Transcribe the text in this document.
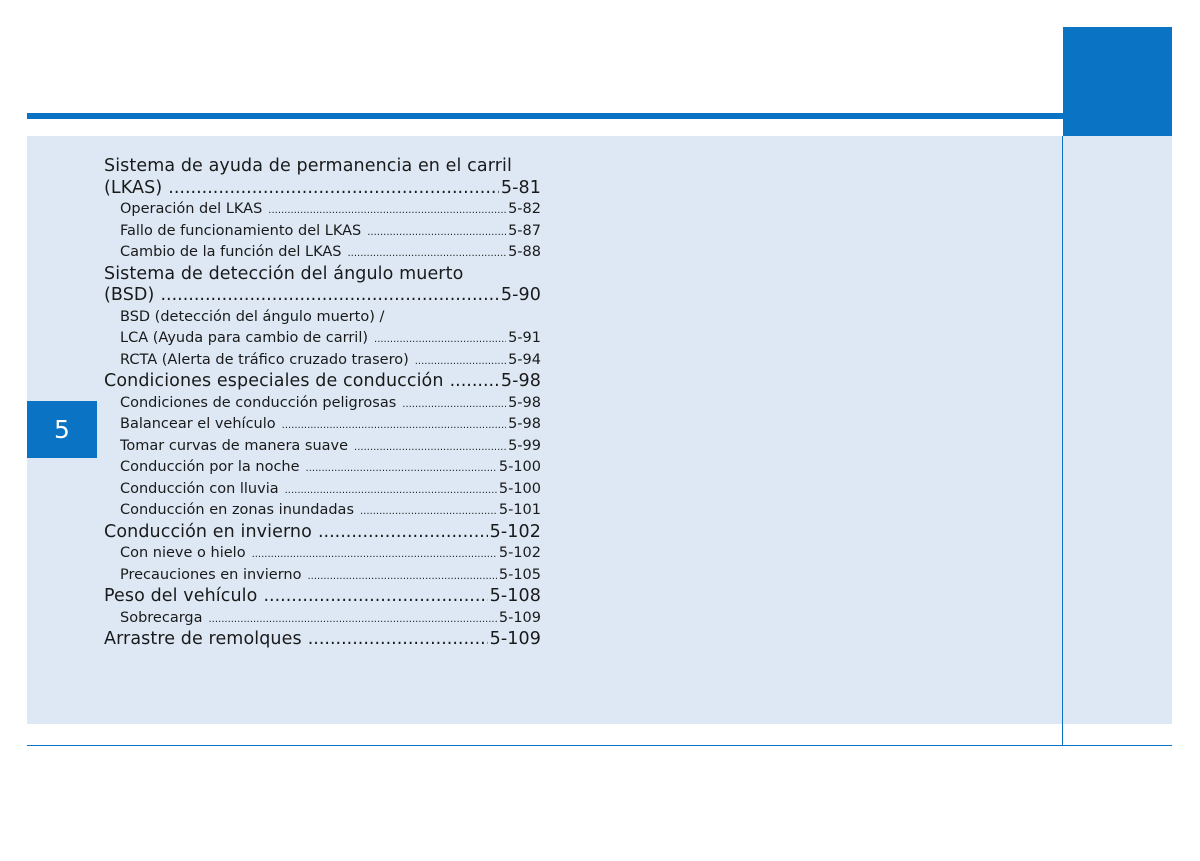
5
Sistema de ayuda de permanencia en el carril
(LKAS) .....	5-81
Operación del LKAS .....	5-82
Fallo de funcionamiento del LKAS .....	5-87
Cambio de la función del LKAS .....	5-88
Sistema de detección del ángulo muerto
(BSD) .....	5-90
BSD (detección del ángulo muerto) /
LCA (Ayuda para cambio de carril) .....	5-91
RCTA (Alerta de tráfico cruzado trasero) .....	5-94
Condiciones especiales de conducción .....	5-98
Condiciones de conducción peligrosas .....	5-98
Balancear el vehículo .....	5-98
Tomar curvas de manera suave .....	5-99
Conducción por la noche .....	5-100
Conducción con lluvia .....	5-100
Conducción en zonas inundadas .....	5-101
Conducción en invierno .....	5-102
Con nieve o hielo .....	5-102
Precauciones en invierno .....	5-105
Peso del vehículo .....	5-108
Sobrecarga .....	5-109
Arrastre de remolques .....	5-109
